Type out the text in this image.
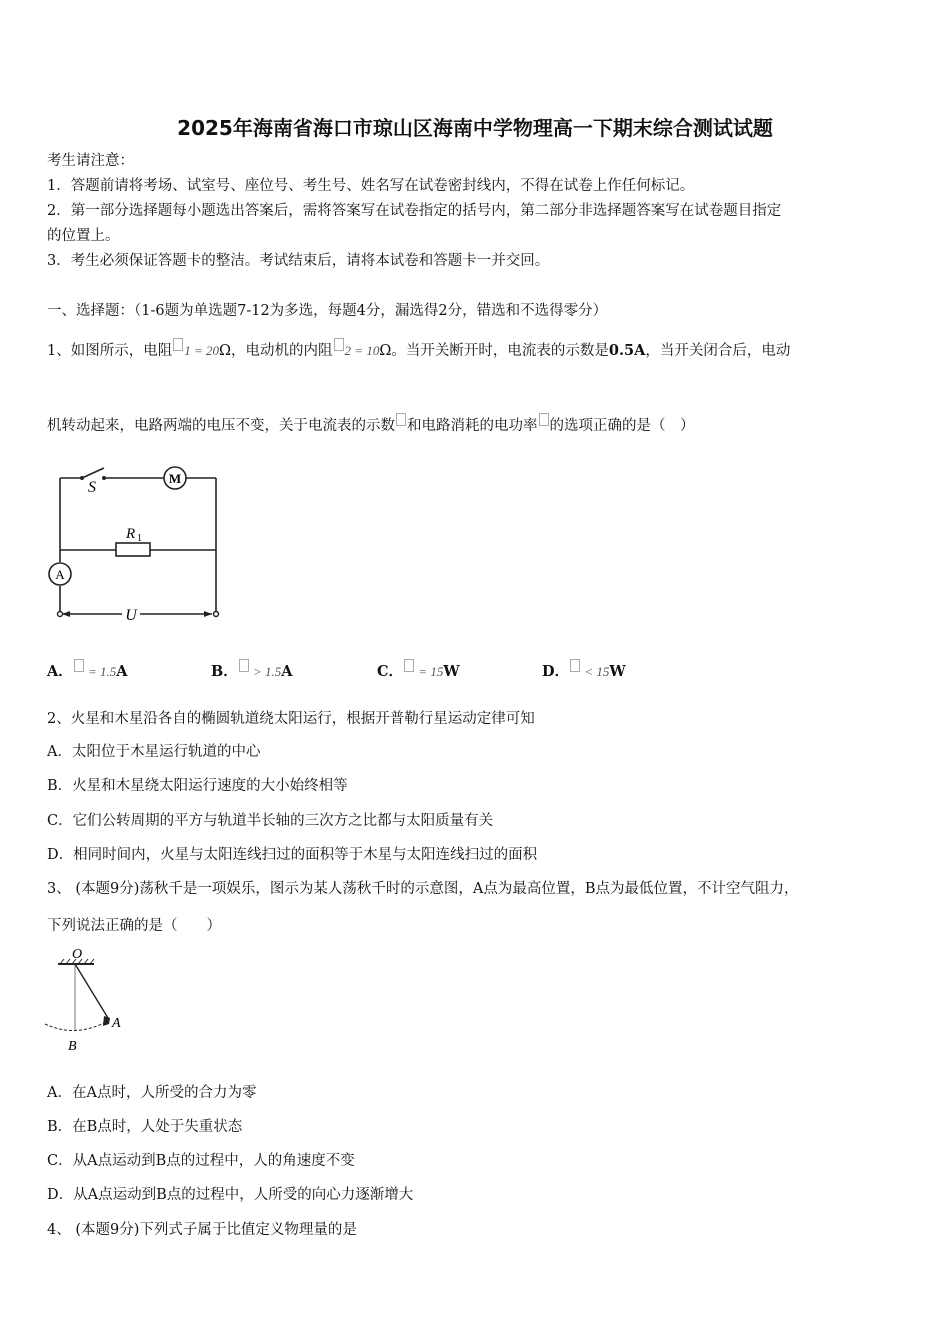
2025年海南省海口市琼山区海南中学物理高一下期末综合测试试题
考生请注意：
1．答题前请将考场、试室号、座位号、考生号、姓名写在试卷密封线内，不得在试卷上作任何标记。
2．第一部分选择题每小题选出答案后，需将答案写在试卷指定的括号内，第二部分非选择题答案写在试卷题目指定
的位置上。
3．考生必须保证答题卡的整洁。考试结束后，请将本试卷和答题卡一并交回。
一、选择题：（1-6题为单选题7-12为多选，每题4分，漏选得2分，错选和不选得零分）
1、如图所示，电阻 1 = 20Ω，电动机的内阻 2 = 10Ω。当开关断开时，电流表的示数是0.5A，当开关闭合后，电动
机转动起来，电路两端的电压不变，关于电流表的示数 和电路消耗的电功率 的选项正确的是（　）
S
M
A
R 1
U
A． = 1.5A	B． > 1.5A	C． = 15W	D． < 15W
2、火星和木星沿各自的椭圆轨道绕太阳运行，根据开普勒行星运动定律可知
A．太阳位于木星运行轨道的中心
B．火星和木星绕太阳运行速度的大小始终相等
C．它们公转周期的平方与轨道半长轴的三次方之比都与太阳质量有关
D．相同时间内，火星与太阳连线扫过的面积等于木星与太阳连线扫过的面积
3、 (本题9分)荡秋千是一项娱乐，图示为某人荡秋千时的示意图，A点为最高位置，B点为最低位置，不计空气阻力，
下列说法正确的是（　　）
O
A
B
A．在A点时，人所受的合力为零
B．在B点时，人处于失重状态
C．从A点运动到B点的过程中，人的角速度不变
D．从A点运动到B点的过程中，人所受的向心力逐渐增大
4、 (本题9分)下列式子属于比值定义物理量的是
